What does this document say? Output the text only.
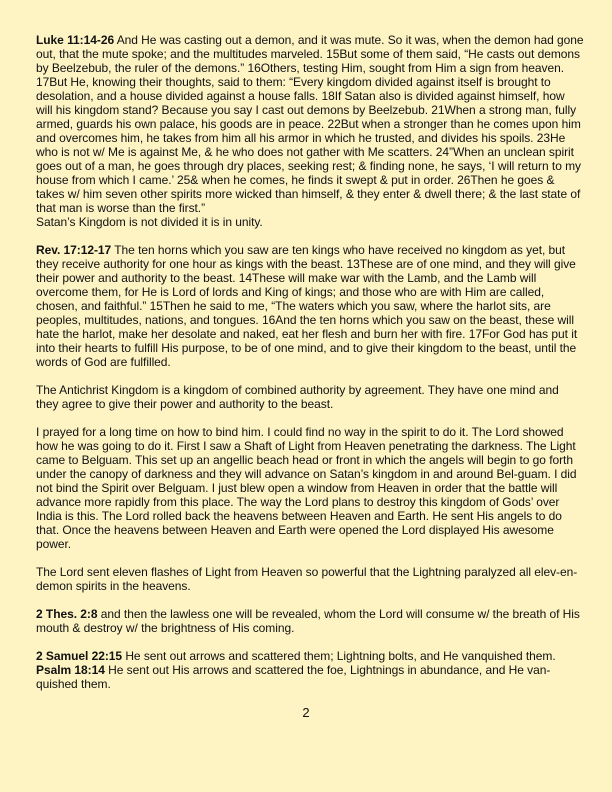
Luke 11:14-26 And He was casting out a demon, and it was mute. So it was, when the demon had gone out, that the mute spoke; and the multitudes marveled. 15But some of them said, “He casts out demons by Beelzebub, the ruler of the demons.” 16Others, testing Him, sought from Him a sign from heaven. 17But He, knowing their thoughts, said to them: “Every kingdom divided against itself is brought to desolation, and a house divided against a house falls. 18If Satan also is divided against himself, how will his kingdom stand? Because you say I cast out demons by Beelzebub. 21When a strong man, fully armed, guards his own palace, his goods are in peace. 22But when a stronger than he comes upon him and overcomes him, he takes from him all his armor in which he trusted, and divides his spoils. 23He who is not w/ Me is against Me, & he who does not gather with Me scatters. 24”When an unclean spirit goes out of a man, he goes through dry places, seeking rest; & finding none, he says, ‘I will return to my house from which I came.’ 25& when he comes, he finds it swept & put in order. 26Then he goes & takes w/ him seven other spirits more wicked than himself, & they enter & dwell there; & the last state of that man is worse than the first.”
Satan’s Kingdom is not divided it is in unity.

Rev. 17:12-17 The ten horns which you saw are ten kings who have received no kingdom as yet, but they receive authority for one hour as kings with the beast. 13These are of one mind, and they will give their power and authority to the beast. 14These will make war with the Lamb, and the Lamb will overcome them, for He is Lord of lords and King of kings; and those who are with Him are called, chosen, and faithful.” 15Then he said to me, “The waters which you saw, where the harlot sits, are peoples, multitudes, nations, and tongues. 16And the ten horns which you saw on the beast, these will hate the harlot, make her desolate and naked, eat her flesh and burn her with fire. 17For God has put it into their hearts to fulfill His purpose, to be of one mind, and to give their kingdom to the beast, until the words of God are fulfilled.

The Antichrist Kingdom is a kingdom of combined authority by agreement. They have one mind and they agree to give their power and authority to the beast.

I prayed for a long time on how to bind him. I could find no way in the spirit to do it. The Lord showed how he was going to do it. First I saw a Shaft of Light from Heaven penetrating the darkness. The Light came to Belguam. This set up an angellic beach head or front in which the angels will begin to go forth under the canopy of darkness and they will advance on Satan’s kingdom in and around Bel-guam. I did not bind the Spirit over Belguam. I just blew open a window from Heaven in order that the battle will advance more rapidly from this place. The way the Lord plans to destroy this kingdom of Gods’ over India is this. The Lord rolled back the heavens between Heaven and Earth. He sent His angels to do that. Once the heavens between Heaven and Earth were opened the Lord displayed His awesome power.

The Lord sent eleven flashes of Light from Heaven so powerful that the Lightning paralyzed all elev-en-demon spirits in the heavens.

2 Thes. 2:8 and then the lawless one will be revealed, whom the Lord will consume w/ the breath of His mouth & destroy w/ the brightness of His coming.

2 Samuel 22:15 He sent out arrows and scattered them; Lightning bolts, and He vanquished them.
Psalm 18:14 He sent out His arrows and scattered the foe, Lightnings in abundance, and He van-quished them.

2
